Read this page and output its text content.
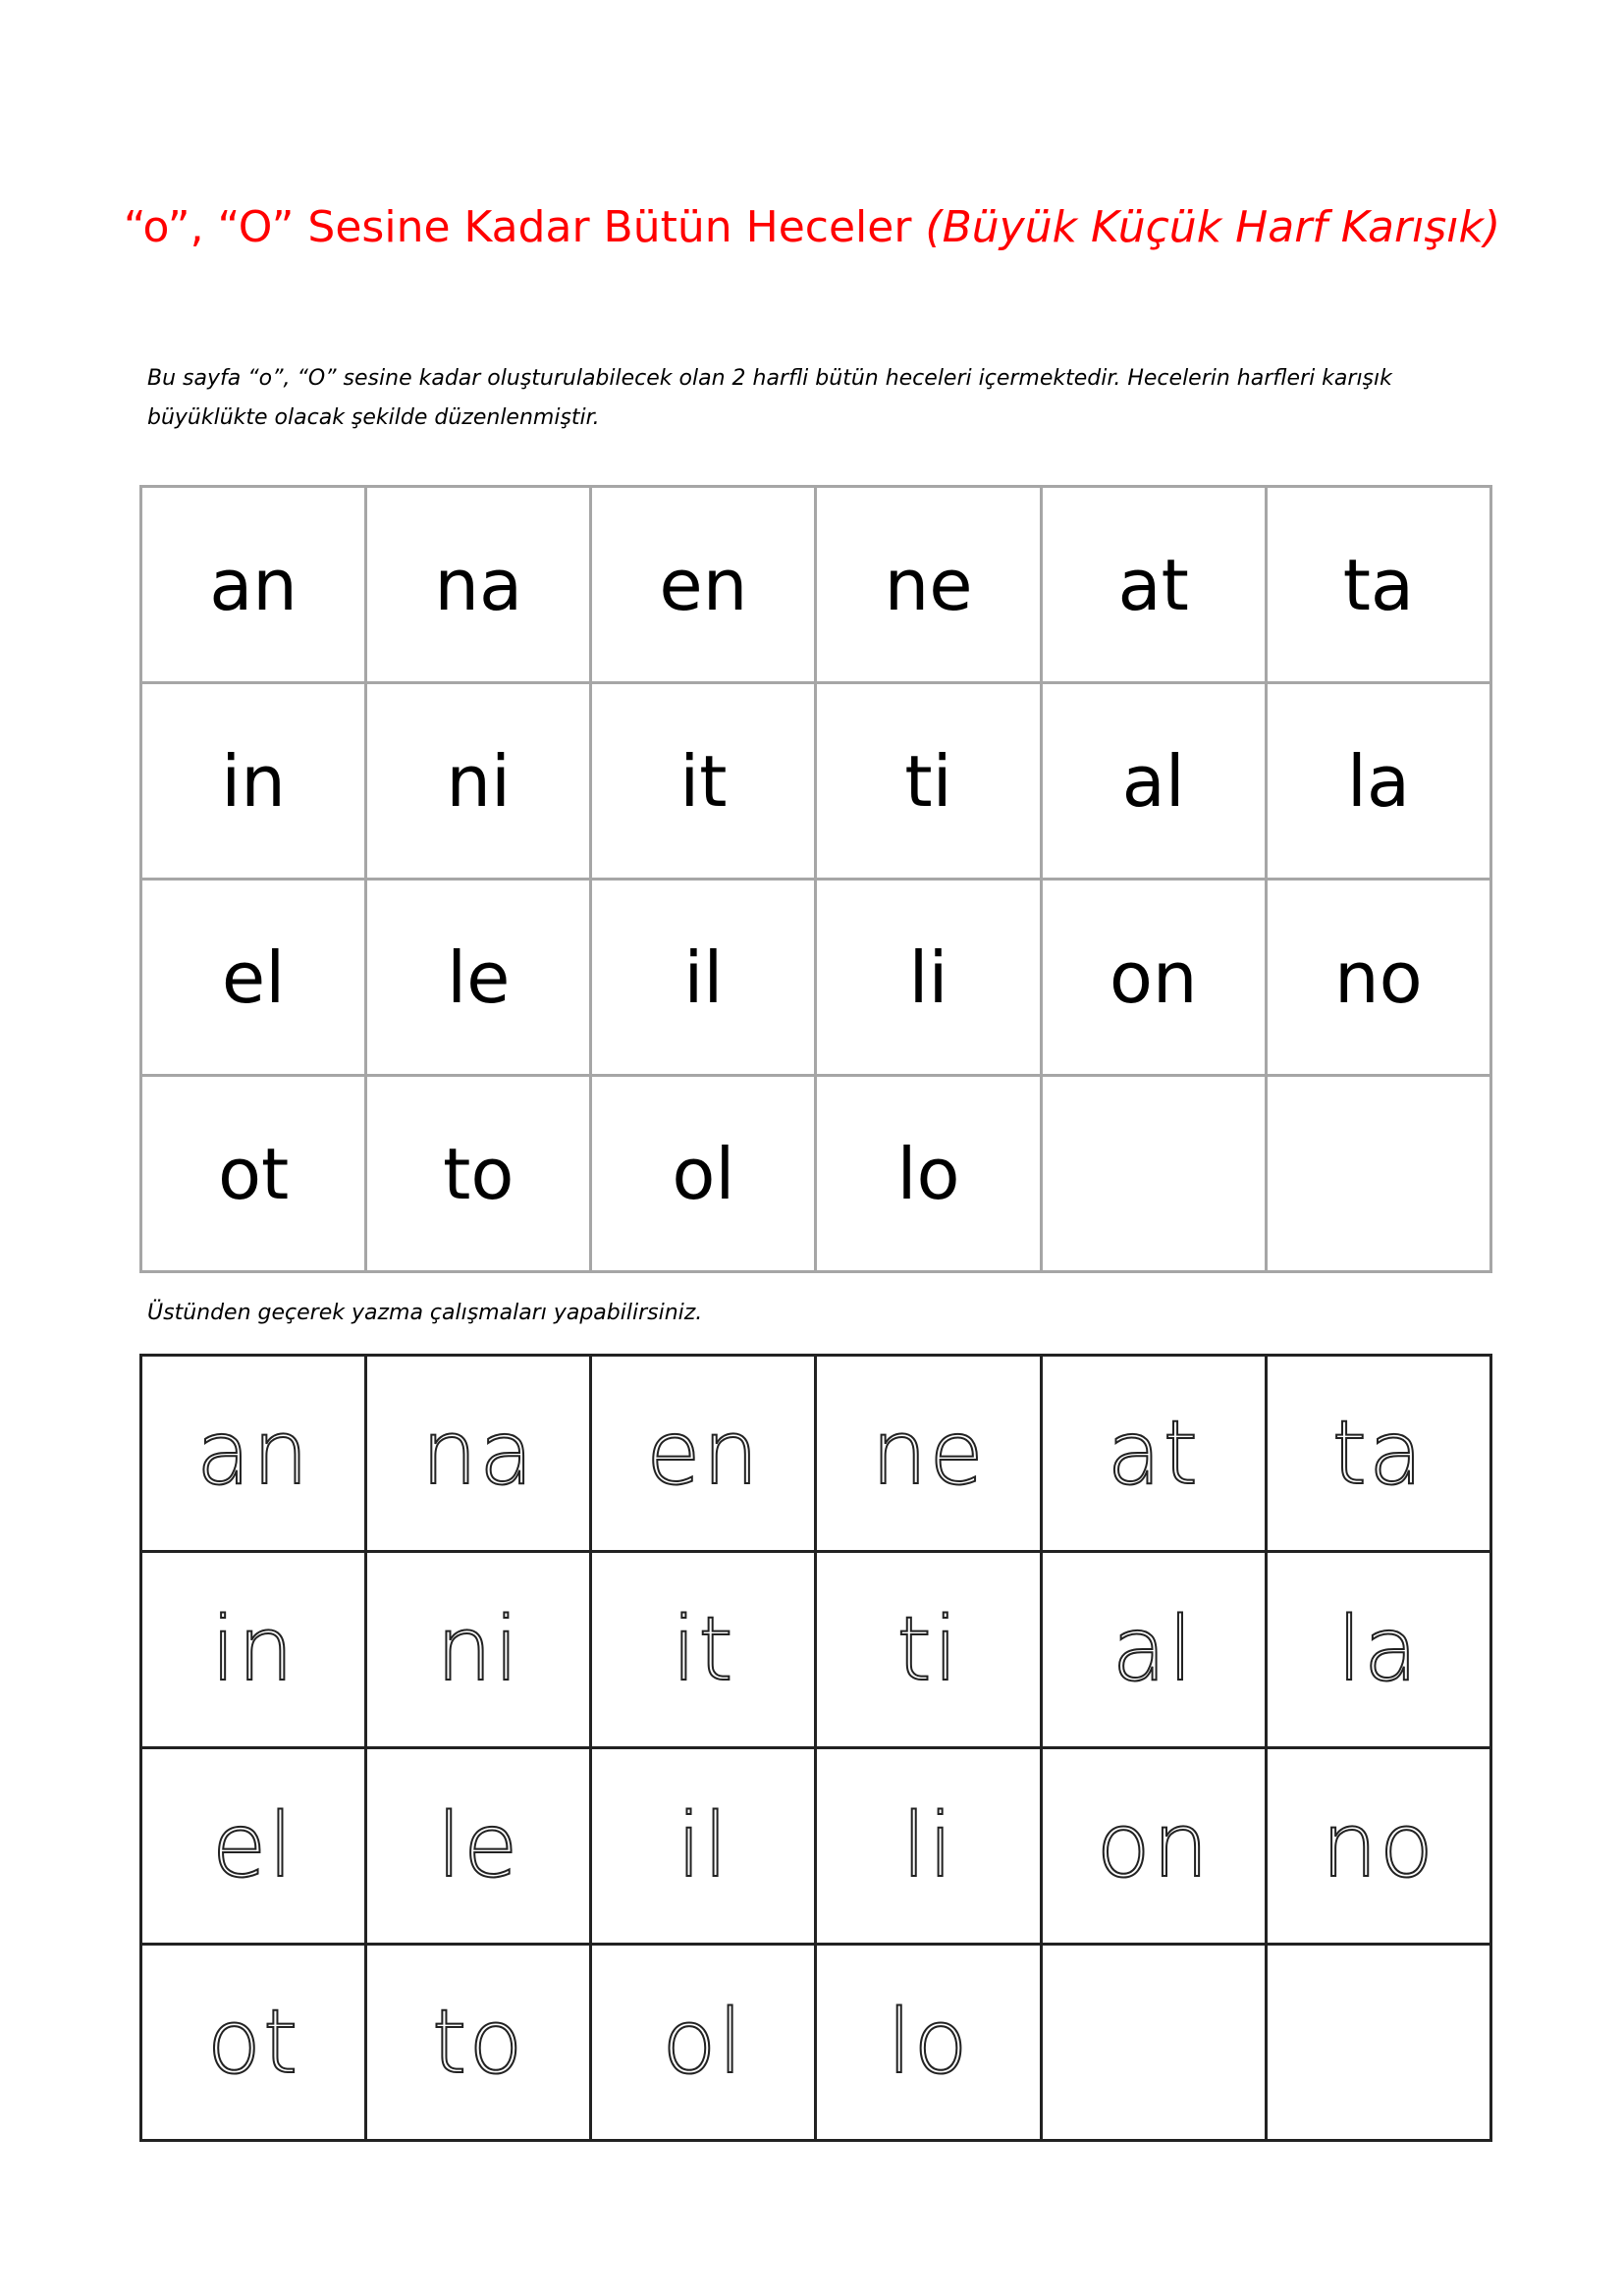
“o”, “O” Sesine Kadar Bütün Heceler (Büyük Küçük Harf Karışık)
Bu sayfa “o”, “O” sesine kadar oluşturulabilecek olan 2 harfli bütün heceleri içermektedir. Hecelerin harfleri karışık
büyüklükte olacak şekilde düzenlenmiştir.
an	na	en	ne	at	ta
in	ni	it	ti	al	la
el	le	il	li	on	no
ot	to	ol	lo		
Üstünden geçerek yazma çalışmaları yapabilirsiniz.
an	na	en	ne	at	ta
in	ni	it	ti	al	la
el	le	il	li	on	no
ot	to	ol	lo		
